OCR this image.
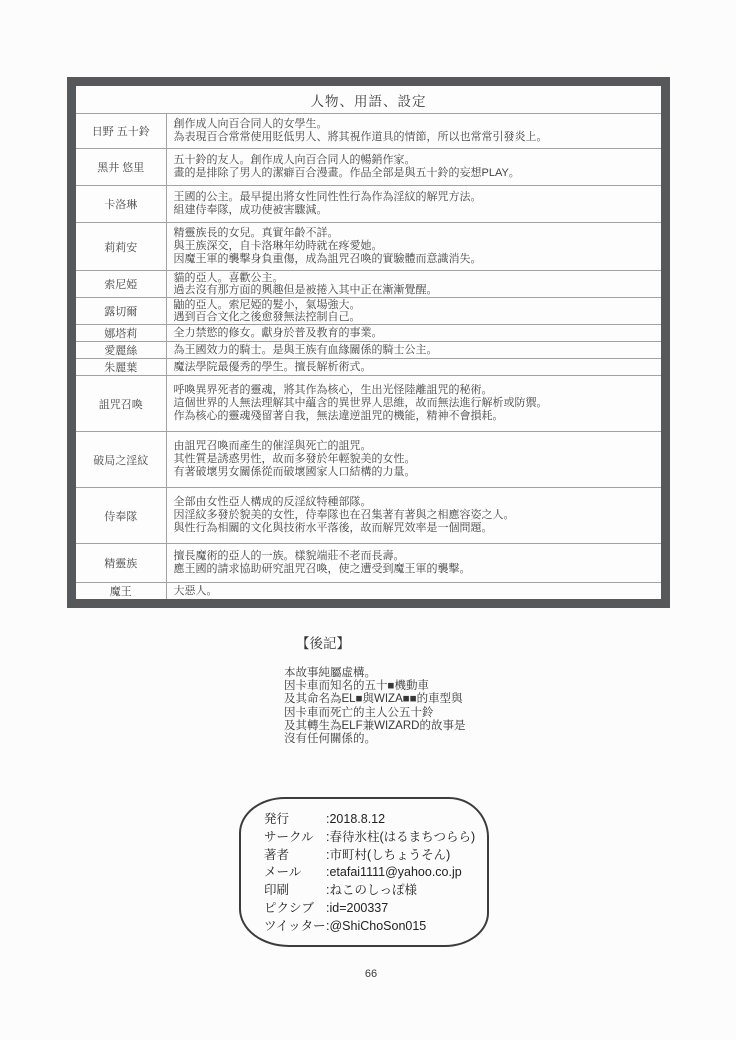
人物、用語、設定	
日野 五十鈴	創作成人向百合同人的女學生。
為表現百合常常使用貶低男人、將其視作道具的情節，所以也常常引發炎上。

黑井 悠里	五十鈴的友人。創作成人向百合同人的暢銷作家。
畫的是排除了男人的潔癖百合漫畫。作品全部是與五十鈴的妄想PLAY。

卡洛琳	王國的公主。最早提出將女性同性性行為作為淫紋的解咒方法。
組建侍奉隊，成功使被害驟減。

莉莉安	精靈族長的女兒。真實年齡不詳。
與王族深交，自卡洛琳年幼時就在疼愛她。
因魔王軍的襲擊身負重傷，成為詛咒召喚的實驗體而意識消失。

索尼婭	貓的亞人。喜歡公主。
過去沒有那方面的興趣但是被捲入其中正在漸漸覺醒。

露切爾	鼬的亞人。索尼婭的髮小，氣場強大。
遇到百合文化之後愈發無法控制自己。

娜塔莉	全力禁慾的修女。獻身於普及教育的事業。

愛麗絲	為王國效力的騎士。是與王族有血緣關係的騎士公主。

朱麗葉	魔法學院最優秀的學生。擅長解析術式。

詛咒召喚	呼喚異界死者的靈魂，將其作為核心，生出光怪陸離詛咒的秘術。
這個世界的人無法理解其中蘊含的異世界人思維，故而無法進行解析或防禦。
作為核心的靈魂殘留著自我，無法違逆詛咒的機能，精神不會損耗。

破局之淫紋	由詛咒召喚而產生的催淫與死亡的詛咒。
其性質是誘惑男性，故而多發於年輕貌美的女性。
有著破壞男女關係從而破壞國家人口結構的力量。

侍奉隊	全部由女性亞人構成的反淫紋特種部隊。
因淫紋多發於貌美的女性，侍奉隊也在召集著有著與之相應容姿之人。
與性行為相關的文化與技術水平落後，故而解咒效率是一個問題。

精靈族	擅長魔術的亞人的一族。樣貌端莊不老而長壽。
應王國的請求協助研究詛咒召喚，使之遭受到魔王軍的襲擊。

魔王	大惡人。
【後記】
本故事純屬虛構。
因卡車而知名的五十■機動車
及其命名為EL■與WIZA■■的車型與
因卡車而死亡的主人公五十鈴
及其轉生為ELF兼WIZARD的故事是
沒有任何關係的。
発行	:2018.8.12
サークル :春待氷柱(はるまちつらら)
著者	:市町村(しちょうそん)
メール	:etafai1111@yahoo.co.jp
印刷	:ねこのしっぽ様
ピクシブ :id=200337
ツイッター :@ShiChoSon015
66
